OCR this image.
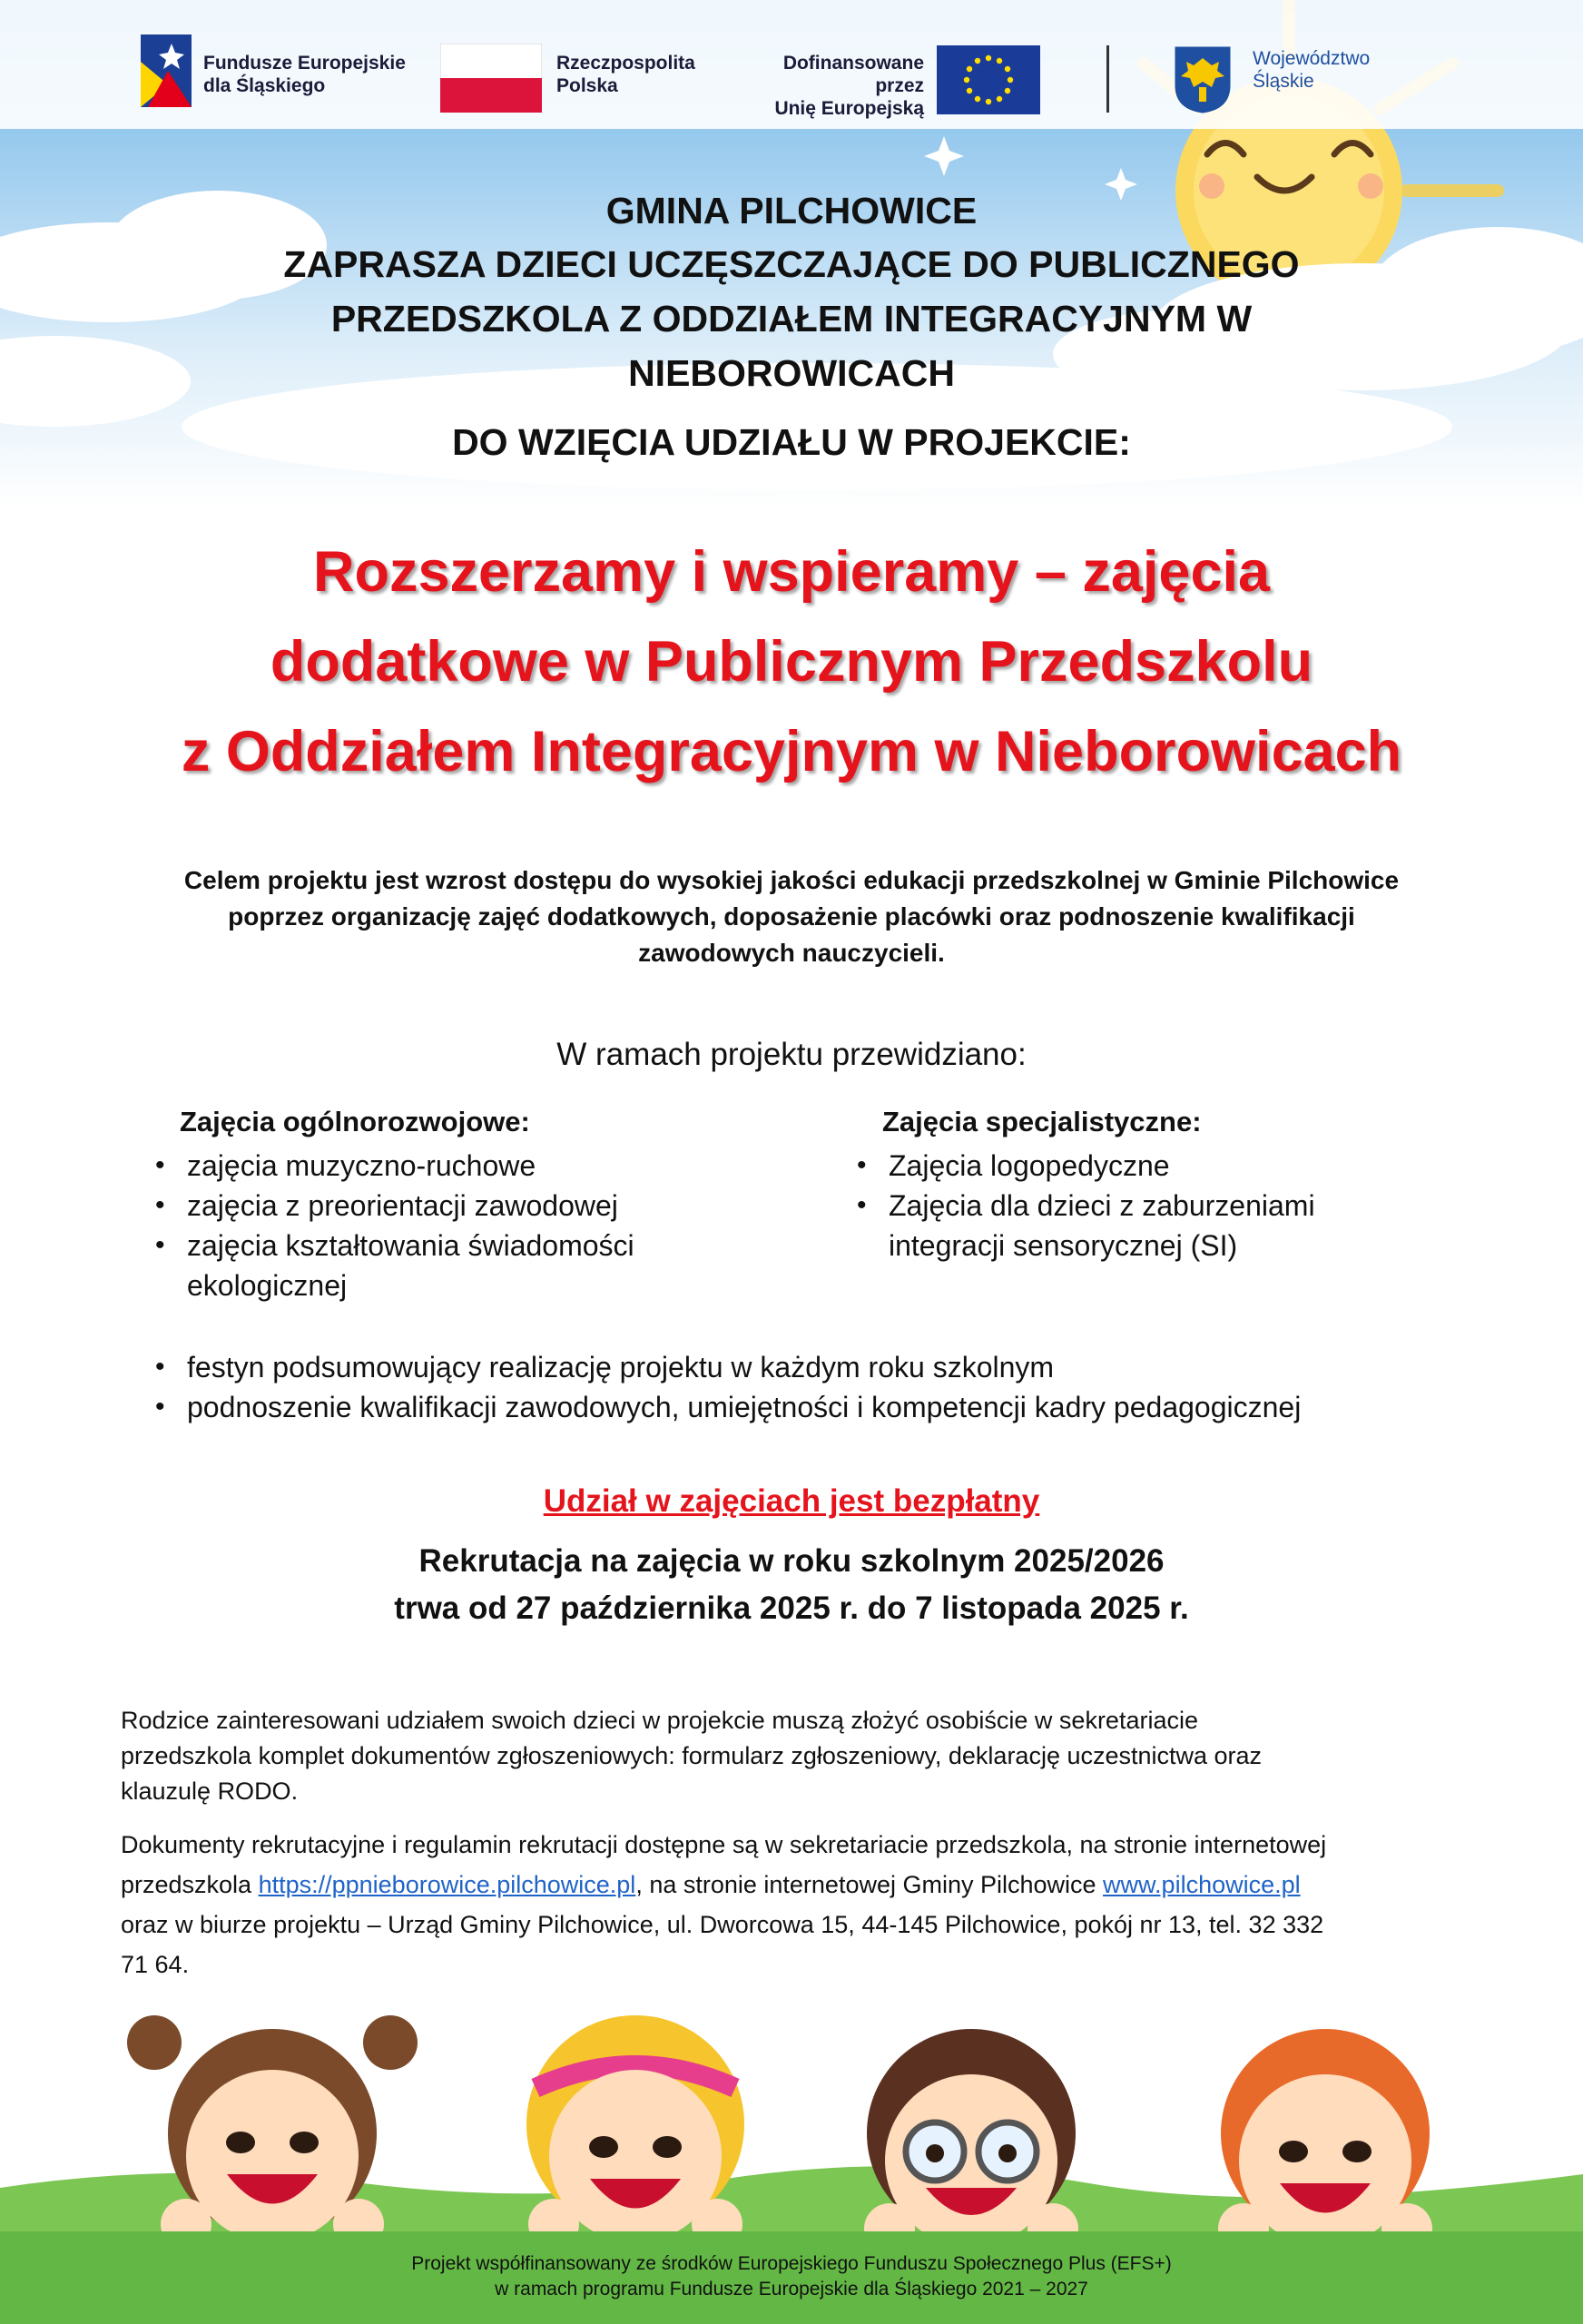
Fundusze Europejskie
dla Śląskiego
Rzeczpospolita
Polska
Dofinansowane przez
Unię Europejską
Województwo
Śląskie
GMINA PILCHOWICE
ZAPRASZA DZIECI UCZĘSZCZAJĄCE DO PUBLICZNEGO
PRZEDSZKOLA Z ODDZIAŁEM INTEGRACYJNYM W
NIEBOROWICACH
DO WZIĘCIA UDZIAŁU W PROJEKCIE:
Rozszerzamy i wspieramy – zajęcia
dodatkowe w Publicznym Przedszkolu
z Oddziałem Integracyjnym w Nieborowicach
Celem projektu jest wzrost dostępu do wysokiej jakości edukacji przedszkolnej w Gminie Pilchowice
poprzez organizację zajęć dodatkowych, doposażenie placówki oraz podnoszenie kwalifikacji
zawodowych nauczycieli.
W ramach projektu przewidziano:
Zajęcia ogólnorozwojowe:
• zajęcia muzyczno-ruchowe
• zajęcia z preorientacji zawodowej
• zajęcia kształtowania świadomości ekologicznej
Zajęcia specjalistyczne:
• Zajęcia logopedyczne
• Zajęcia dla dzieci z zaburzeniami integracji sensorycznej (SI)
• festyn podsumowujący realizację projektu w każdym roku szkolnym
• podnoszenie kwalifikacji zawodowych, umiejętności i kompetencji kadry pedagogicznej
Udział w zajęciach jest bezpłatny
Rekrutacja na zajęcia w roku szkolnym 2025/2026
trwa od 27 października 2025 r. do 7 listopada 2025 r.
Rodzice zainteresowani udziałem swoich dzieci w projekcie muszą złożyć osobiście w sekretariacie
przedszkola komplet dokumentów zgłoszeniowych: formularz zgłoszeniowy, deklarację uczestnictwa oraz
klauzulę RODO.
Dokumenty rekrutacyjne i regulamin rekrutacji dostępne są w sekretariacie przedszkola, na stronie internetowej
przedszkola https://ppnieborowice.pilchowice.pl, na stronie internetowej Gminy Pilchowice www.pilchowice.pl
oraz w biurze projektu – Urząd Gminy Pilchowice, ul. Dworcowa 15, 44-145 Pilchowice, pokój nr 13, tel. 32 332
71 64.
Projekt współfinansowany ze środków Europejskiego Funduszu Społecznego Plus (EFS+)
w ramach programu Fundusze Europejskie dla Śląskiego 2021 – 2027
